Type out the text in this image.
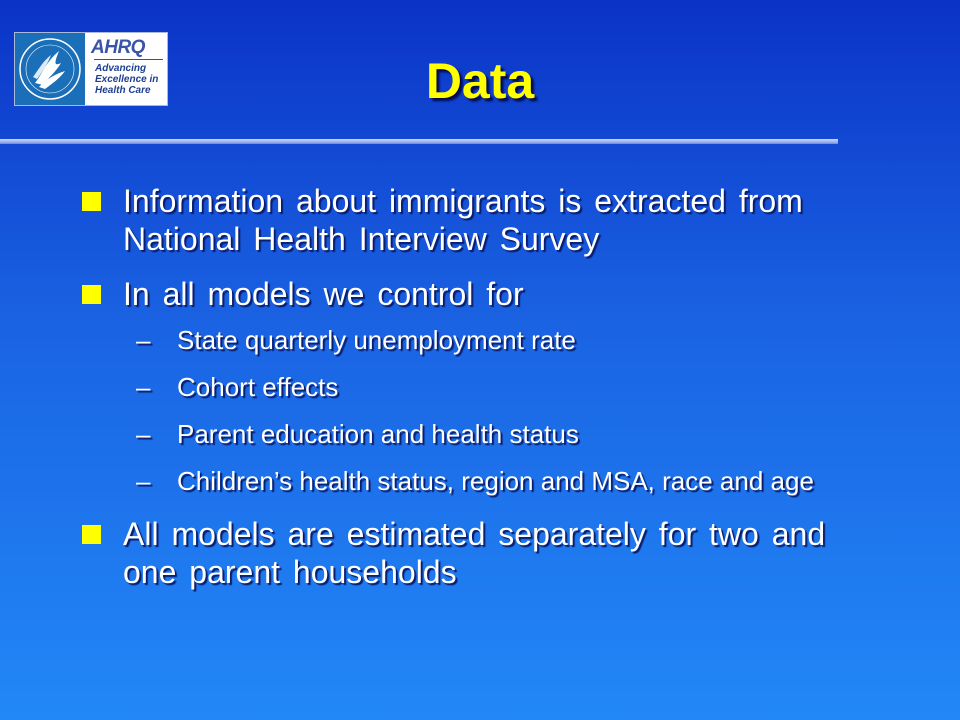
AHRQ
Advancing
Excellence in
Health Care	Data
Information about immigrants is extracted from National Health Interview Survey
In all models we control for
– State quarterly unemployment rate
– Cohort effects
– Parent education and health status
– Children’s health status, region and MSA, race and age
All models are estimated separately for two and one parent households
